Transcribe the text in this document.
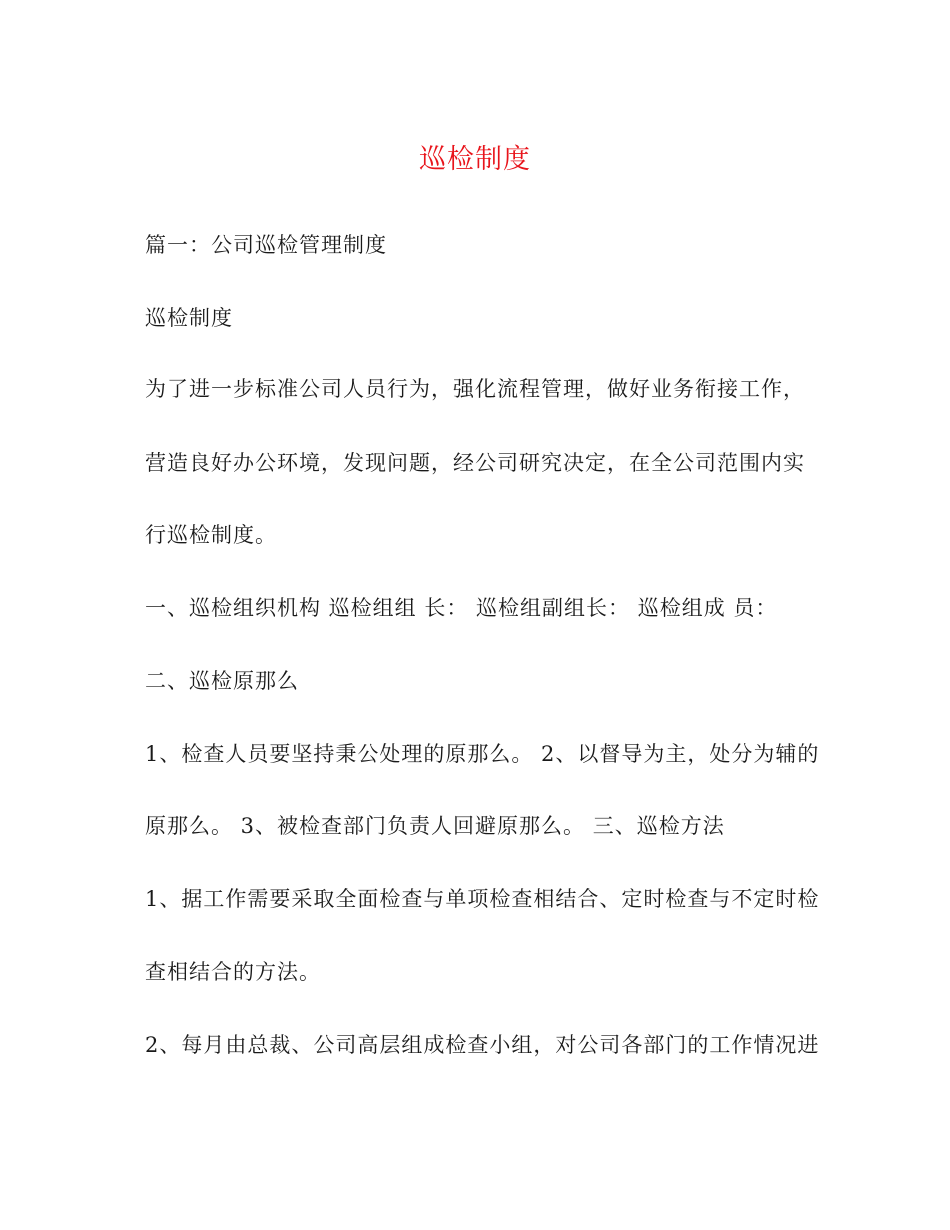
巡检制度
篇一：公司巡检管理制度
巡检制度
为了进一步标准公司人员行为，强化流程管理，做好业务衔接工作，
营造良好办公环境，发现问题，经公司研究决定，在全公司范围内实
行巡检制度。
一、巡检组织机构 巡检组组 长： 巡检组副组长： 巡检组成 员：
二、巡检原那么
1、检查人员要坚持秉公处理的原那么。 2、以督导为主，处分为辅的
原那么。 3、被检查部门负责人回避原那么。 三、巡检方法
1、据工作需要采取全面检查与单项检查相结合、定时检查与不定时检
查相结合的方法。
2、每月由总裁、公司高层组成检查小组，对公司各部门的工作情况进
